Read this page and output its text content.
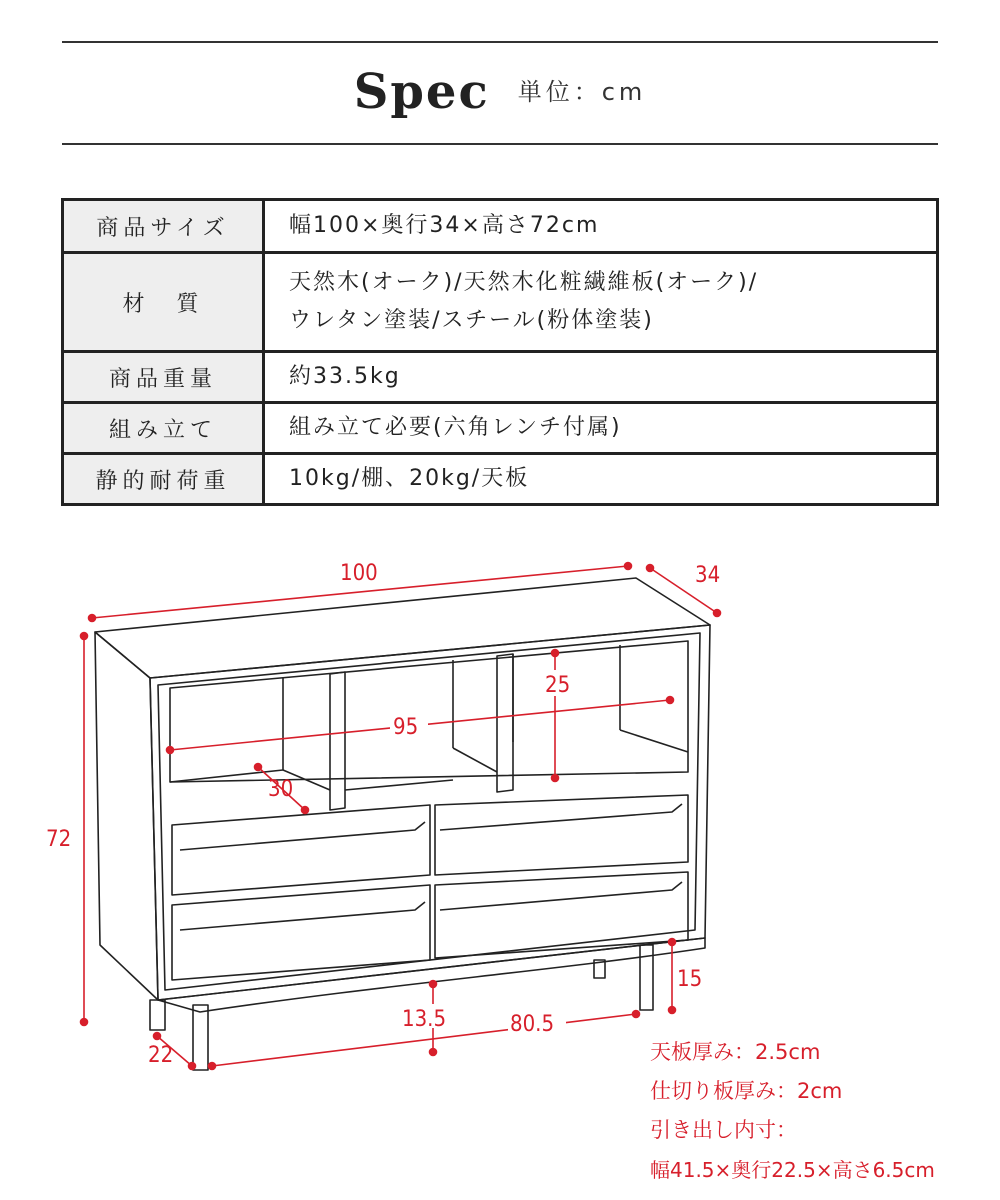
Spec 単位：cm
商品サイズ	幅100×奥行34×高さ72cm
材　質	天然木(オーク)/天然木化粧繊維板(オーク)/
ウレタン塗装/スチール(粉体塗装)

商品重量	約33.5kg
組み立て	組み立て必要(六角レンチ付属)
静的耐荷重	10kg/棚、20kg/天板
100	34
72
95
25
30
15
13.5	80.5
22	天板厚み：2.5cm
仕切り板厚み：2cm
引き出し内寸：
幅41.5×奥行22.5×高さ6.5cm
